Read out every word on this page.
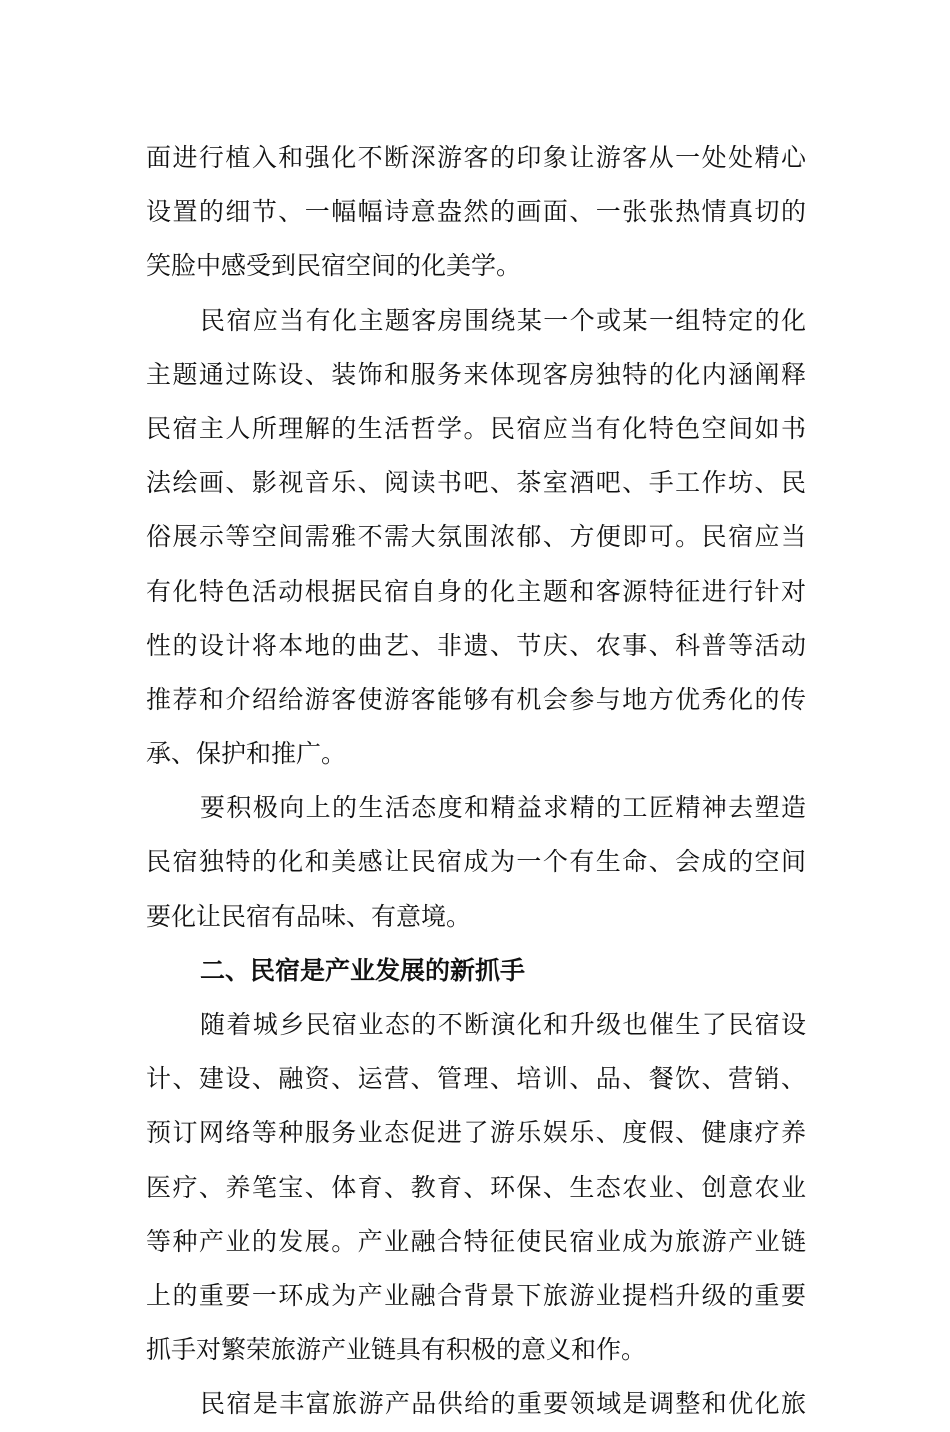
面进行植入和强化不断深游客的印象让游客从一处处精心
设置的细节、一幅幅诗意盎然的画面、一张张热情真切的
笑脸中感受到民宿空间的化美学。
民宿应当有化主题客房围绕某一个或某一组特定的化
主题通过陈设、装饰和服务来体现客房独特的化内涵阐释
民宿主人所理解的生活哲学。民宿应当有化特色空间如书
法绘画、影视音乐、阅读书吧、茶室酒吧、手工作坊、民
俗展示等空间需雅不需大氛围浓郁、方便即可。民宿应当
有化特色活动根据民宿自身的化主题和客源特征进行针对
性的设计将本地的曲艺、非遗、节庆、农事、科普等活动
推荐和介绍给游客使游客能够有机会参与地方优秀化的传
承、保护和推广。
要积极向上的生活态度和精益求精的工匠精神去塑造
民宿独特的化和美感让民宿成为一个有生命、会成的空间
要化让民宿有品味、有意境。
二、民宿是产业发展的新抓手
随着城乡民宿业态的不断演化和升级也催生了民宿设
计、建设、融资、运营、管理、培训、品、餐饮、营销、
预订网络等种服务业态促进了游乐娱乐、度假、健康疗养
医疗、养笔宝、体育、教育、环保、生态农业、创意农业
等种产业的发展。产业融合特征使民宿业成为旅游产业链
上的重要一环成为产业融合背景下旅游业提档升级的重要
抓手对繁荣旅游产业链具有积极的意义和作。
民宿是丰富旅游产品供给的重要领域是调整和优化旅
